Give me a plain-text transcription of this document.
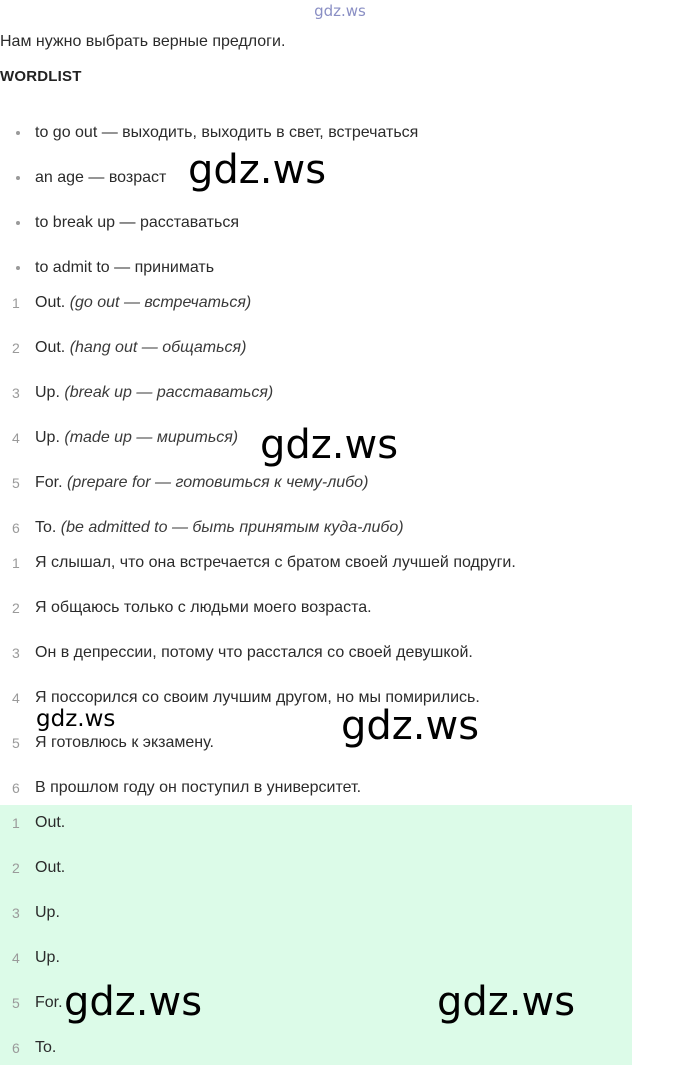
gdz.ws
Нам нужно выбрать верные предлоги.
WORDLIST
to go out — выходить, выходить в свет, встречаться
an age — возраст
to break up — расставаться
to admit to — принимать
1 Out. (go out — встречаться)
2 Out. (hang out — общаться)
3 Up. (break up — расставаться)
4 Up. (made up — мириться)
5 For. (prepare for — готовиться к чему-либо)
6 To. (be admitted to — быть принятым куда-либо)
1 Я слышал, что она встречается с братом своей лучшей подруги.
2 Я общаюсь только с людьми моего возраста.
3 Он в депрессии, потому что расстался со своей девушкой.
4 Я поссорился со своим лучшим другом, но мы помирились.
5 Я готовлюсь к экзамену.
6 В прошлом году он поступил в университет.
1 Out.
2 Out.
3 Up.
4 Up.
5 For.
6 To.
gdz.ws
gdz.ws
gdz.ws	gdz.ws
gdz.ws	gdz.ws
